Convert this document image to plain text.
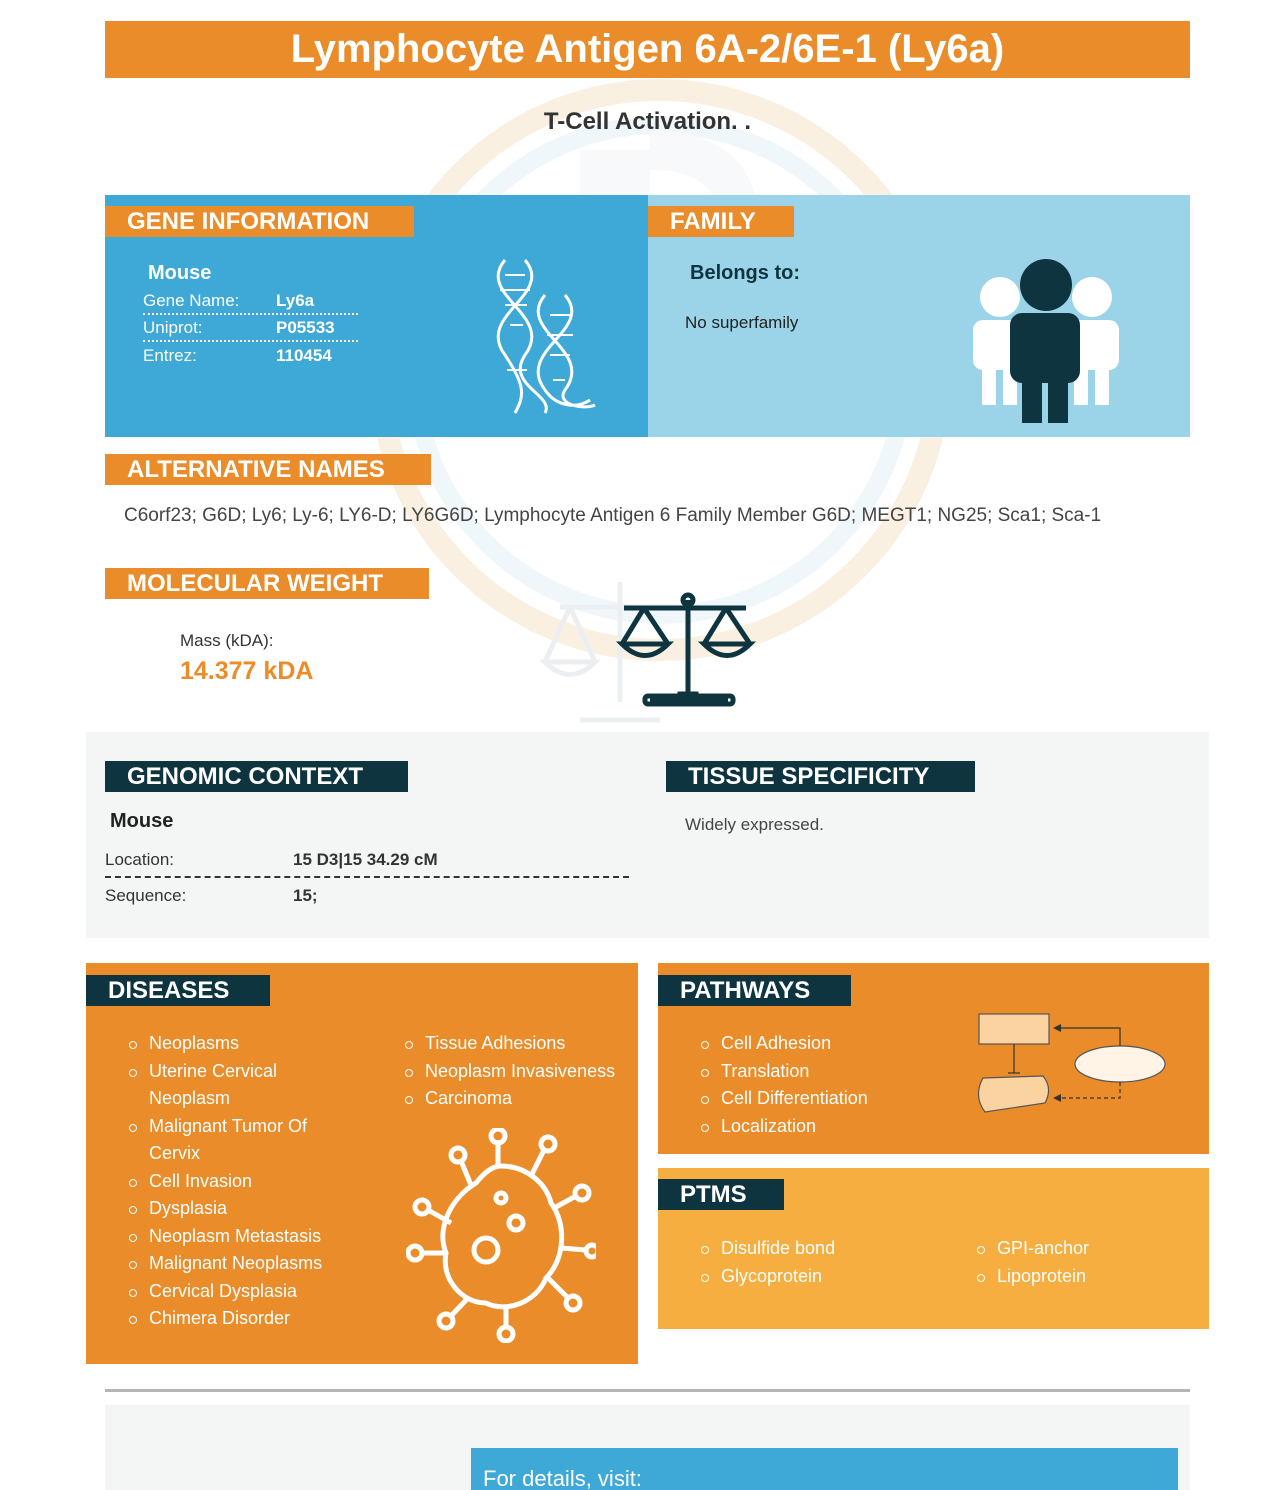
Lymphocyte Antigen 6A-2/6E-1 (Ly6a)
T-Cell Activation. .
GENE INFORMATION
Mouse
Gene Name:	Ly6a
Uniprot:	P05533
Entrez:	110454
FAMILY
Belongs to:
No superfamily
ALTERNATIVE NAMES
C6orf23; G6D; Ly6; Ly-6; LY6-D; LY6G6D; Lymphocyte Antigen 6 Family Member G6D; MEGT1; NG25; Sca1; Sca-1
MOLECULAR WEIGHT
Mass (kDA):
14.377 kDA
GENOMIC CONTEXT
Mouse
Location:	15 D3|15 34.29 cM
Sequence:	15;
TISSUE SPECIFICITY
Widely expressed.
DISEASES
Neoplasms
Uterine Cervical Neoplasm
Malignant Tumor Of Cervix
Cell Invasion
Dysplasia
Neoplasm Metastasis
Malignant Neoplasms
Cervical Dysplasia
Chimera Disorder
Tissue Adhesions
Neoplasm Invasiveness
Carcinoma
PATHWAYS
Cell Adhesion
Translation
Cell Differentiation
Localization
PTMS
Disulfide bond
Glycoprotein
GPI-anchor
Lipoprotein
For details, visit:
